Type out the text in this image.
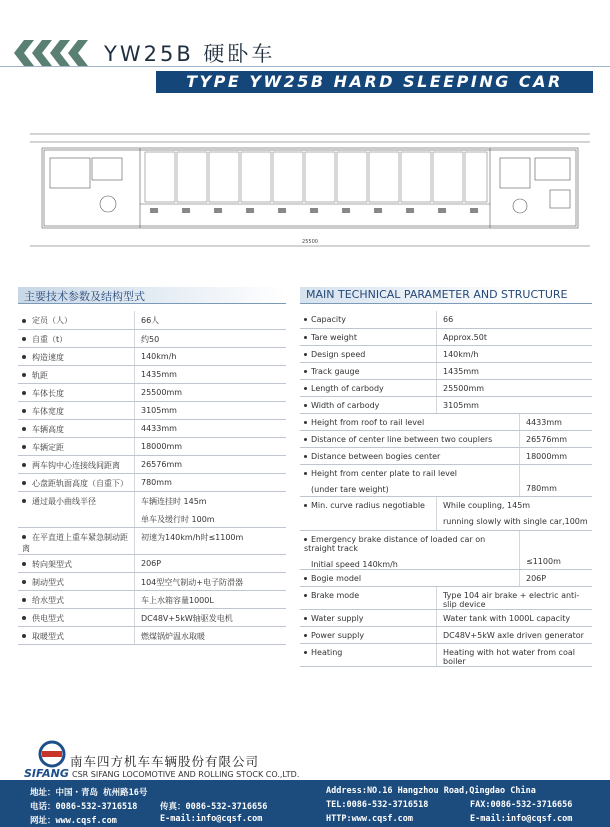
YW25B 硬卧车
TYPE YW25B HARD SLEEPING CAR
25500
主要技术参数及结构型式	MAIN TECHNICAL PARAMETER AND STRUCTURE
定员（人）	66人
自重（t）	约50
构造速度	140km/h
轨距	1435mm
车体长度	25500mm
车体宽度	3105mm
车辆高度	4433mm
车辆定距	18000mm
两车钩中心连接线间距离	26576mm
心盘距轨面高度（自重下）	780mm
通过最小曲线半径	车辆连挂时 145m
单车及缓行时 100m

在平直道上重车紧急制动距离	初速为140km/h时≤1100m
转向架型式	206P
制动型式	104型空气制动+电子防滑器
给水型式	车上水箱容量1000L
供电型式	DC48V+5kW轴驱发电机
取暖型式	燃煤锅炉温水取暖
Capacity	66	
Tare weight	Approx.50t	
Design speed	140km/h	
Track gauge	1435mm	
Length of carbody	25500mm	
Width of carbody	3105mm	
Height from roof to rail level		4433mm
Distance of center line between two couplers		26576mm
Distance between bogies center		18000mm

Height from center plate to rail level
(under tare weight)		780mm
Min. curve radius negotiable	While coupling, 145m
running slowly with single car,100m	

Emergency brake distance of loaded car on straight track
Initial speed 140km/h		≤1100m
Bogie model		206P
Brake mode	Type 104 air brake + electric anti-slip device	
Water supply	Water tank with 1000L capacity	
Power supply	DC48V+5kW axle driven generator	
Heating	Heating with hot water from coal boiler	
SIFANG
南车四方机车车辆股份有限公司
CSR SIFANG LOCOMOTIVE AND ROLLING STOCK CO.,LTD.
地址：中国・青岛 杭州路16号
电话：0086-532-3716518	传真：0086-532-3716656
网址：www.cqsf.com	E-mail:info@cqsf.com
Address:NO.16 Hangzhou Road,Qingdao China
TEL:0086-532-3716518	FAX:0086-532-3716656
HTTP:www.cqsf.com	E-mail:info@cqsf.com
